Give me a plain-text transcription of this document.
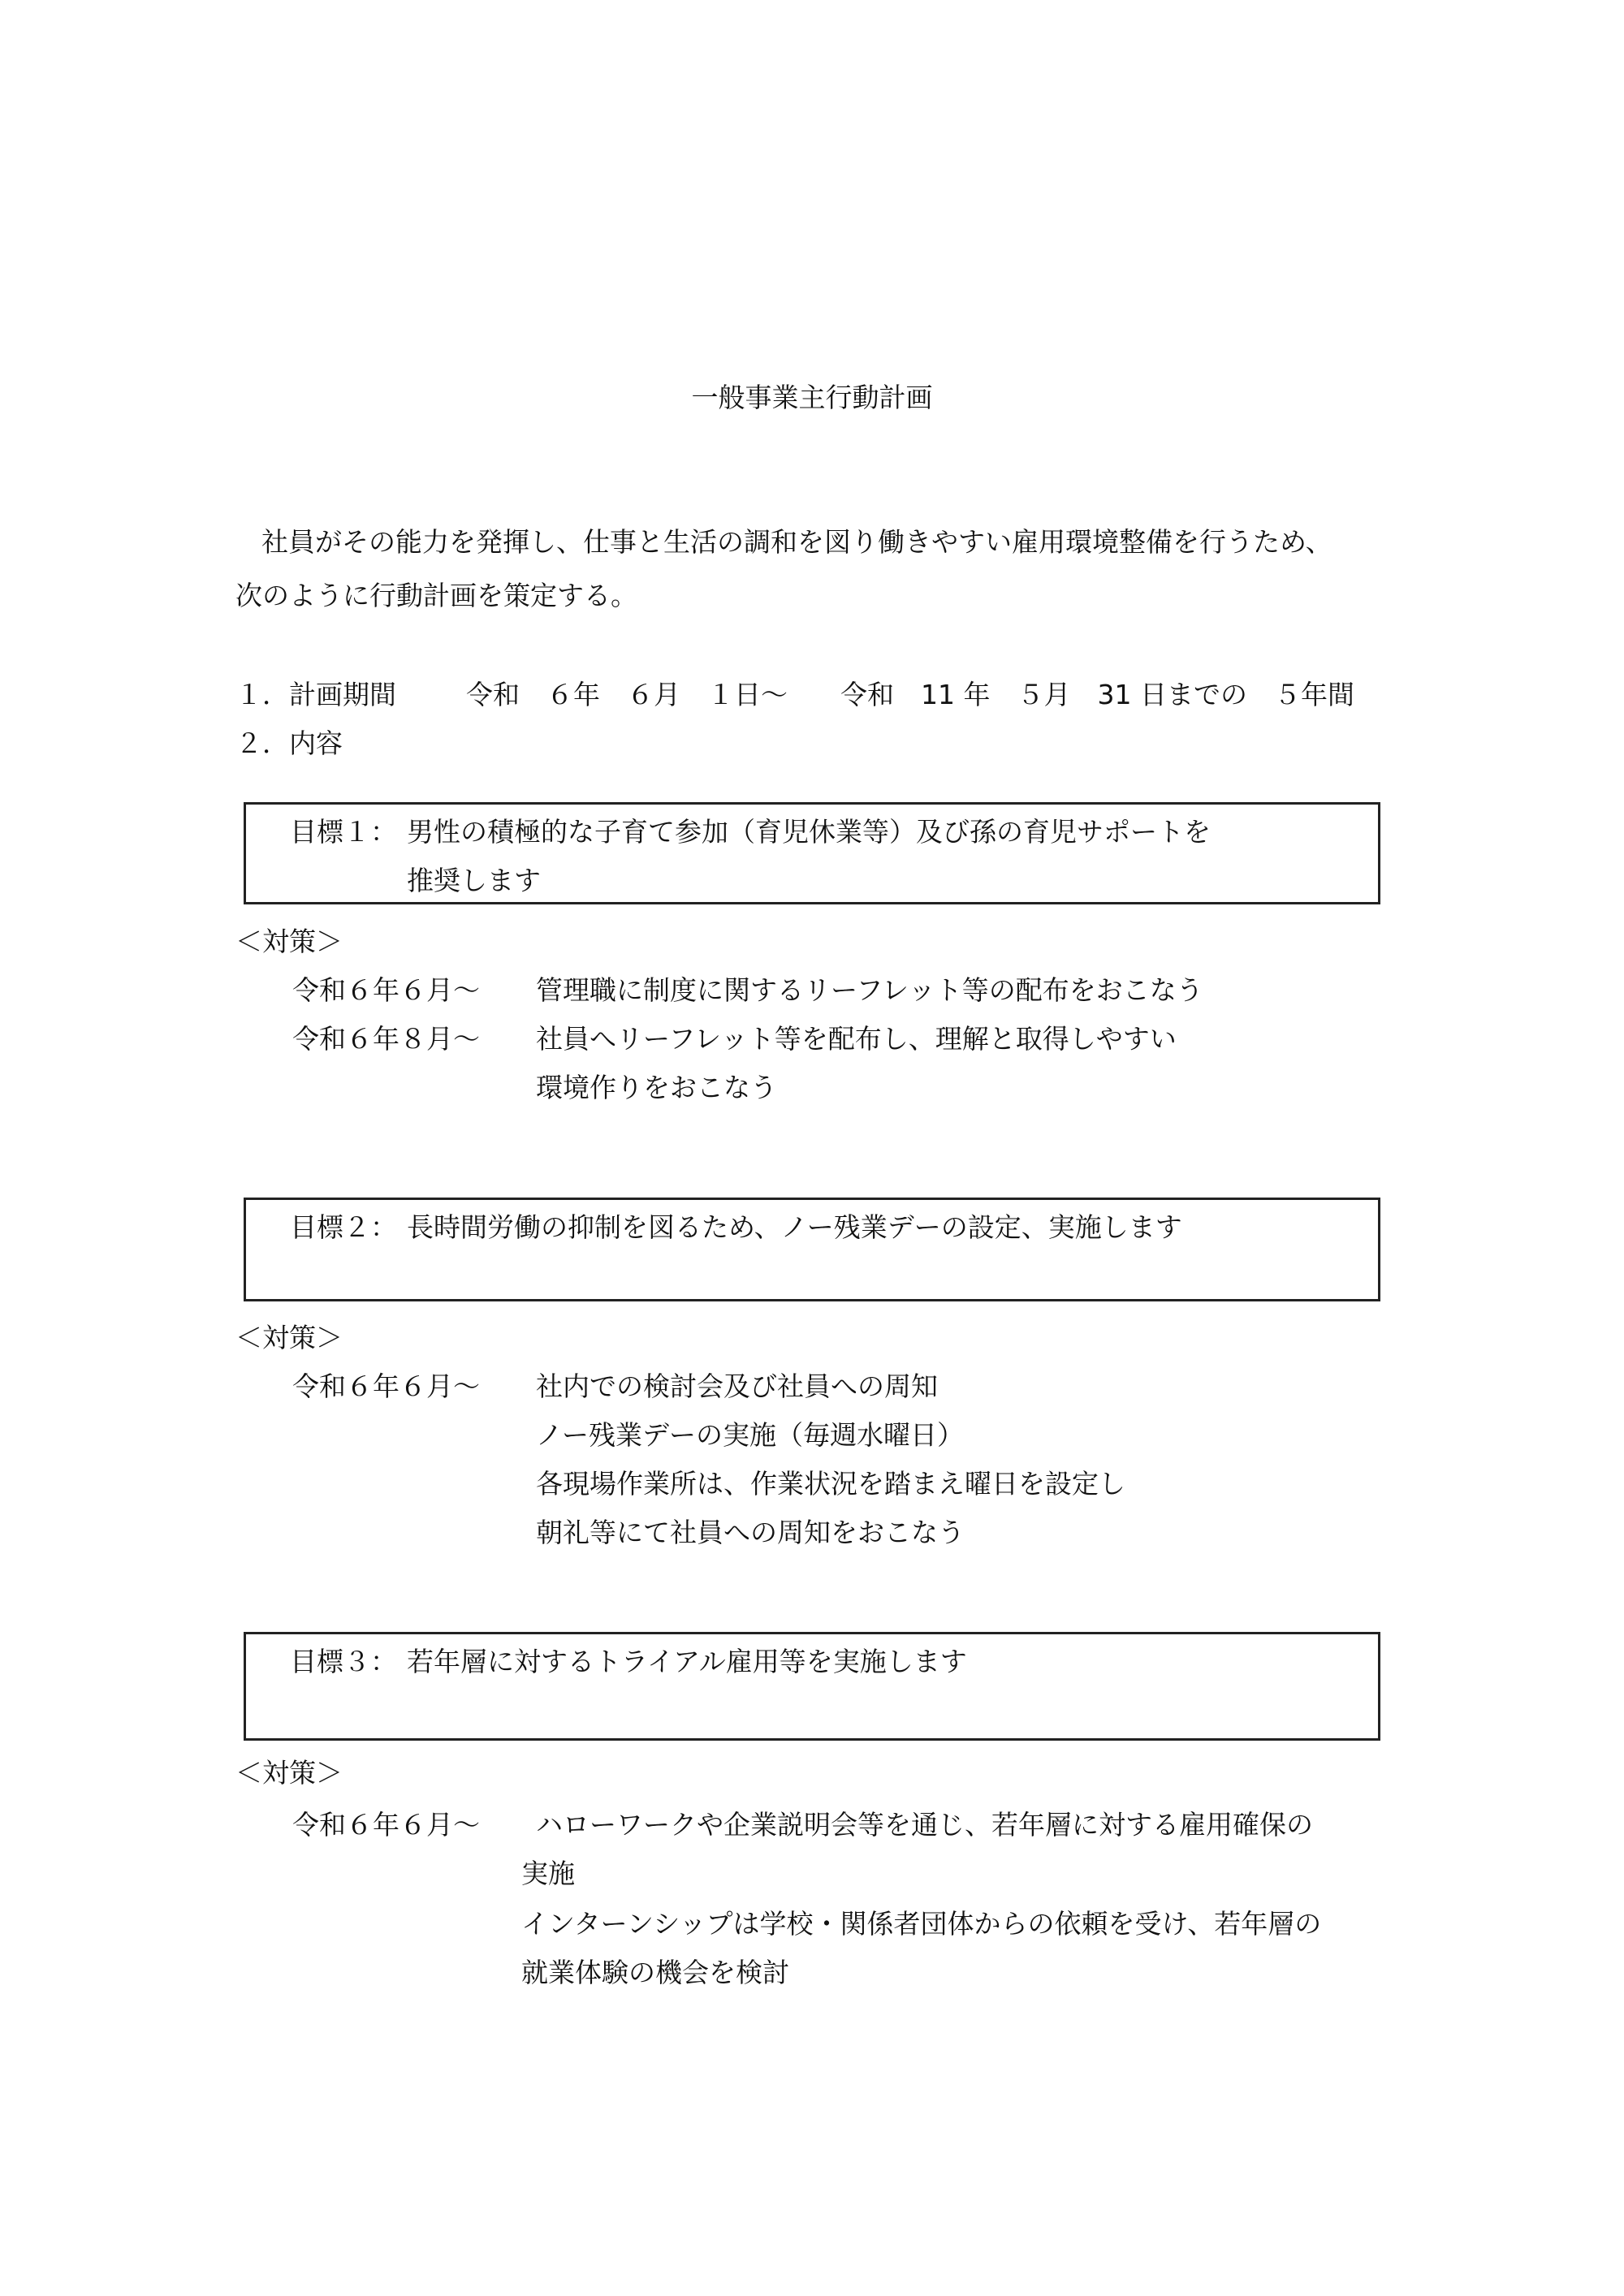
一般事業主行動計画
社員がその能力を発揮し、仕事と生活の調和を図り働きやすい雇用環境整備を行うため、
次のように行動計画を策定する。
１．計画期間	令和　６年　６月　１日～ 令和　11 年　５月　31 日までの　５年間
２．内容
目標１： 男性の積極的な子育て参加（育児休業等）及び孫の育児サポートを
推奨します
＜対策＞
令和６年６月～ 管理職に制度に関するリーフレット等の配布をおこなう
令和６年８月～ 社員へリーフレット等を配布し、理解と取得しやすい
環境作りをおこなう
目標２： 長時間労働の抑制を図るため、ノー残業デーの設定、実施します
＜対策＞
令和６年６月～ 社内での検討会及び社員への周知
ノー残業デーの実施（毎週水曜日）
各現場作業所は、作業状況を踏まえ曜日を設定し
朝礼等にて社員への周知をおこなう
目標３： 若年層に対するトライアル雇用等を実施します
＜対策＞
令和６年６月～ ハローワークや企業説明会等を通じ、若年層に対する雇用確保の
実施
インターンシップは学校・関係者団体からの依頼を受け、若年層の
就業体験の機会を検討
